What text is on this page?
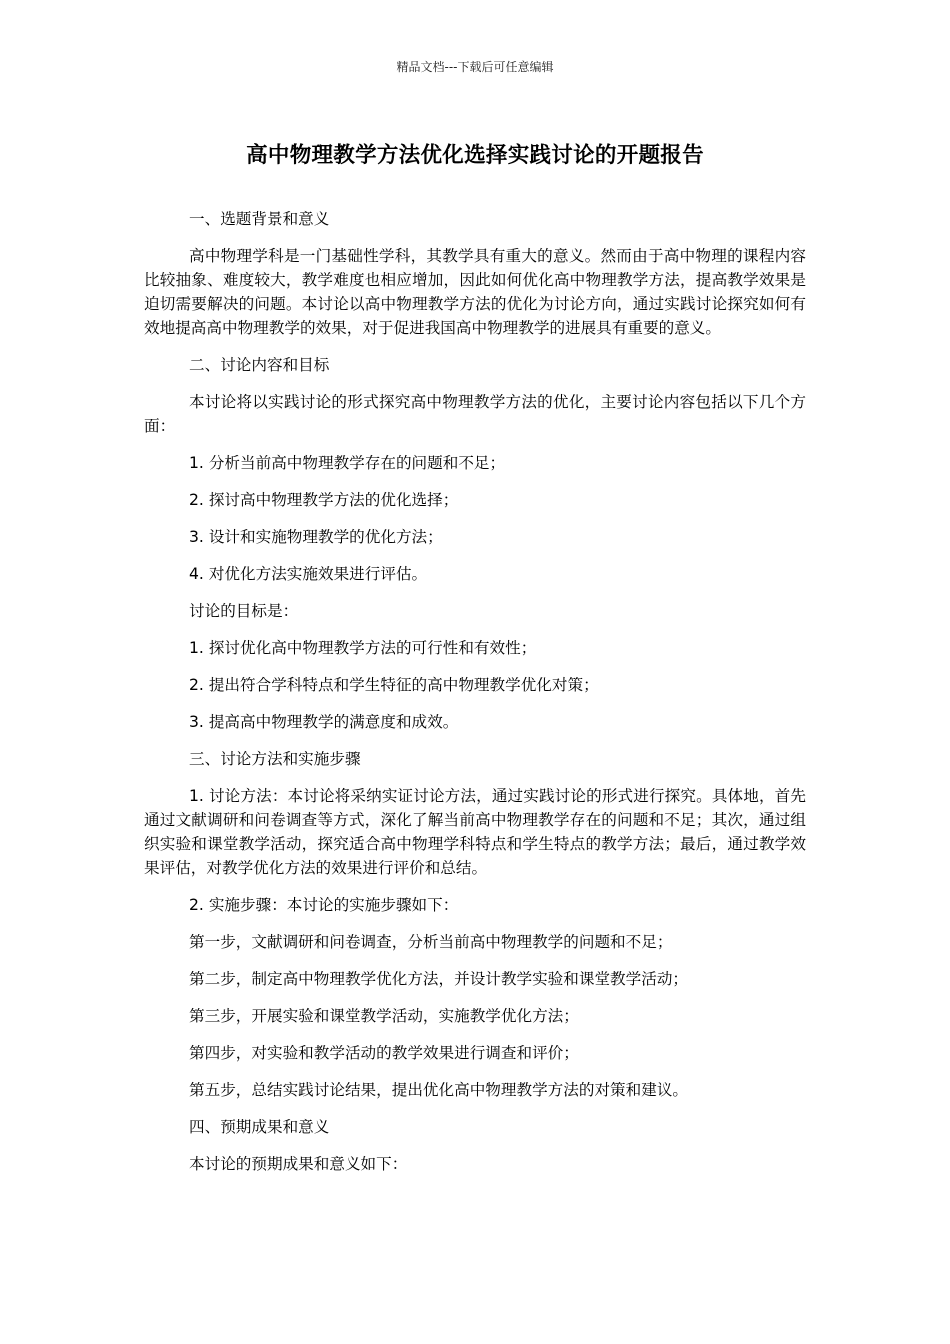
精品文档---下载后可任意编辑
高中物理教学方法优化选择实践讨论的开题报告

一、选题背景和意义

高中物理学科是一门基础性学科，其教学具有重大的意义。然而由于高中物理的课程内容比较抽象、难度较大，教学难度也相应增加，因此如何优化高中物理教学方法，提高教学效果是迫切需要解决的问题。本讨论以高中物理教学方法的优化为讨论方向，通过实践讨论探究如何有效地提高高中物理教学的效果，对于促进我国高中物理教学的进展具有重要的意义。

二、讨论内容和目标

本讨论将以实践讨论的形式探究高中物理教学方法的优化，主要讨论内容包括以下几个方面：

1. 分析当前高中物理教学存在的问题和不足；

2. 探讨高中物理教学方法的优化选择；

3. 设计和实施物理教学的优化方法；

4. 对优化方法实施效果进行评估。

讨论的目标是：

1. 探讨优化高中物理教学方法的可行性和有效性；

2. 提出符合学科特点和学生特征的高中物理教学优化对策；

3. 提高高中物理教学的满意度和成效。

三、讨论方法和实施步骤

1. 讨论方法：本讨论将采纳实证讨论方法，通过实践讨论的形式进行探究。具体地，首先通过文献调研和问卷调查等方式，深化了解当前高中物理教学存在的问题和不足；其次，通过组织实验和课堂教学活动，探究适合高中物理学科特点和学生特点的教学方法；最后，通过教学效果评估，对教学优化方法的效果进行评价和总结。

2. 实施步骤：本讨论的实施步骤如下：

第一步，文献调研和问卷调查，分析当前高中物理教学的问题和不足；

第二步，制定高中物理教学优化方法，并设计教学实验和课堂教学活动；

第三步，开展实验和课堂教学活动，实施教学优化方法；

第四步，对实验和教学活动的教学效果进行调查和评价；

第五步，总结实践讨论结果，提出优化高中物理教学方法的对策和建议。

四、预期成果和意义

本讨论的预期成果和意义如下：
